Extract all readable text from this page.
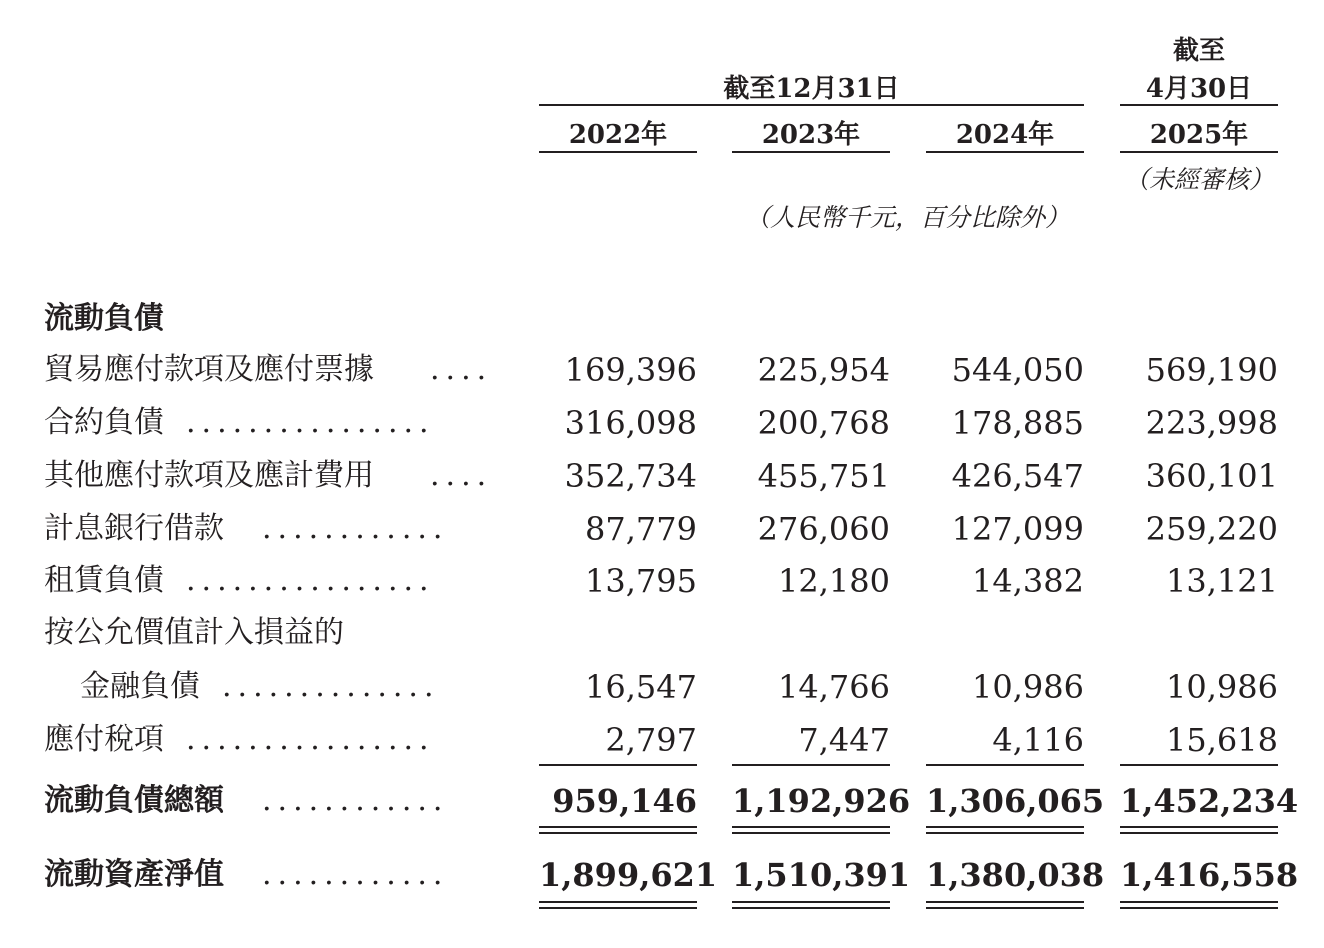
截至
截至12月31日	4月30日
2022年	2023年	2024年	2025年
（未經審核）
（人民幣千元，百分比除外）
流動負債
貿易應付款項及應付票據 ....	169,396	225,954	544,050	569,190
合約負債 ................	316,098	200,768	178,885	223,998
其他應付款項及應計費用 ....	352,734	455,751	426,547	360,101
計息銀行借款 ............	87,779	276,060	127,099	259,220
租賃負債 ................	13,795	12,180	14,382	13,121
按公允價值計入損益的
金融負債 ..............	16,547	14,766	10,986	10,986
應付稅項 ................	2,797	7,447	4,116	15,618
流動負債總額 ............	959,146 1,192,926 1,306,065 1,452,234
流動資產淨值 ............	1,899,621 1,510,391 1,380,038 1,416,558
